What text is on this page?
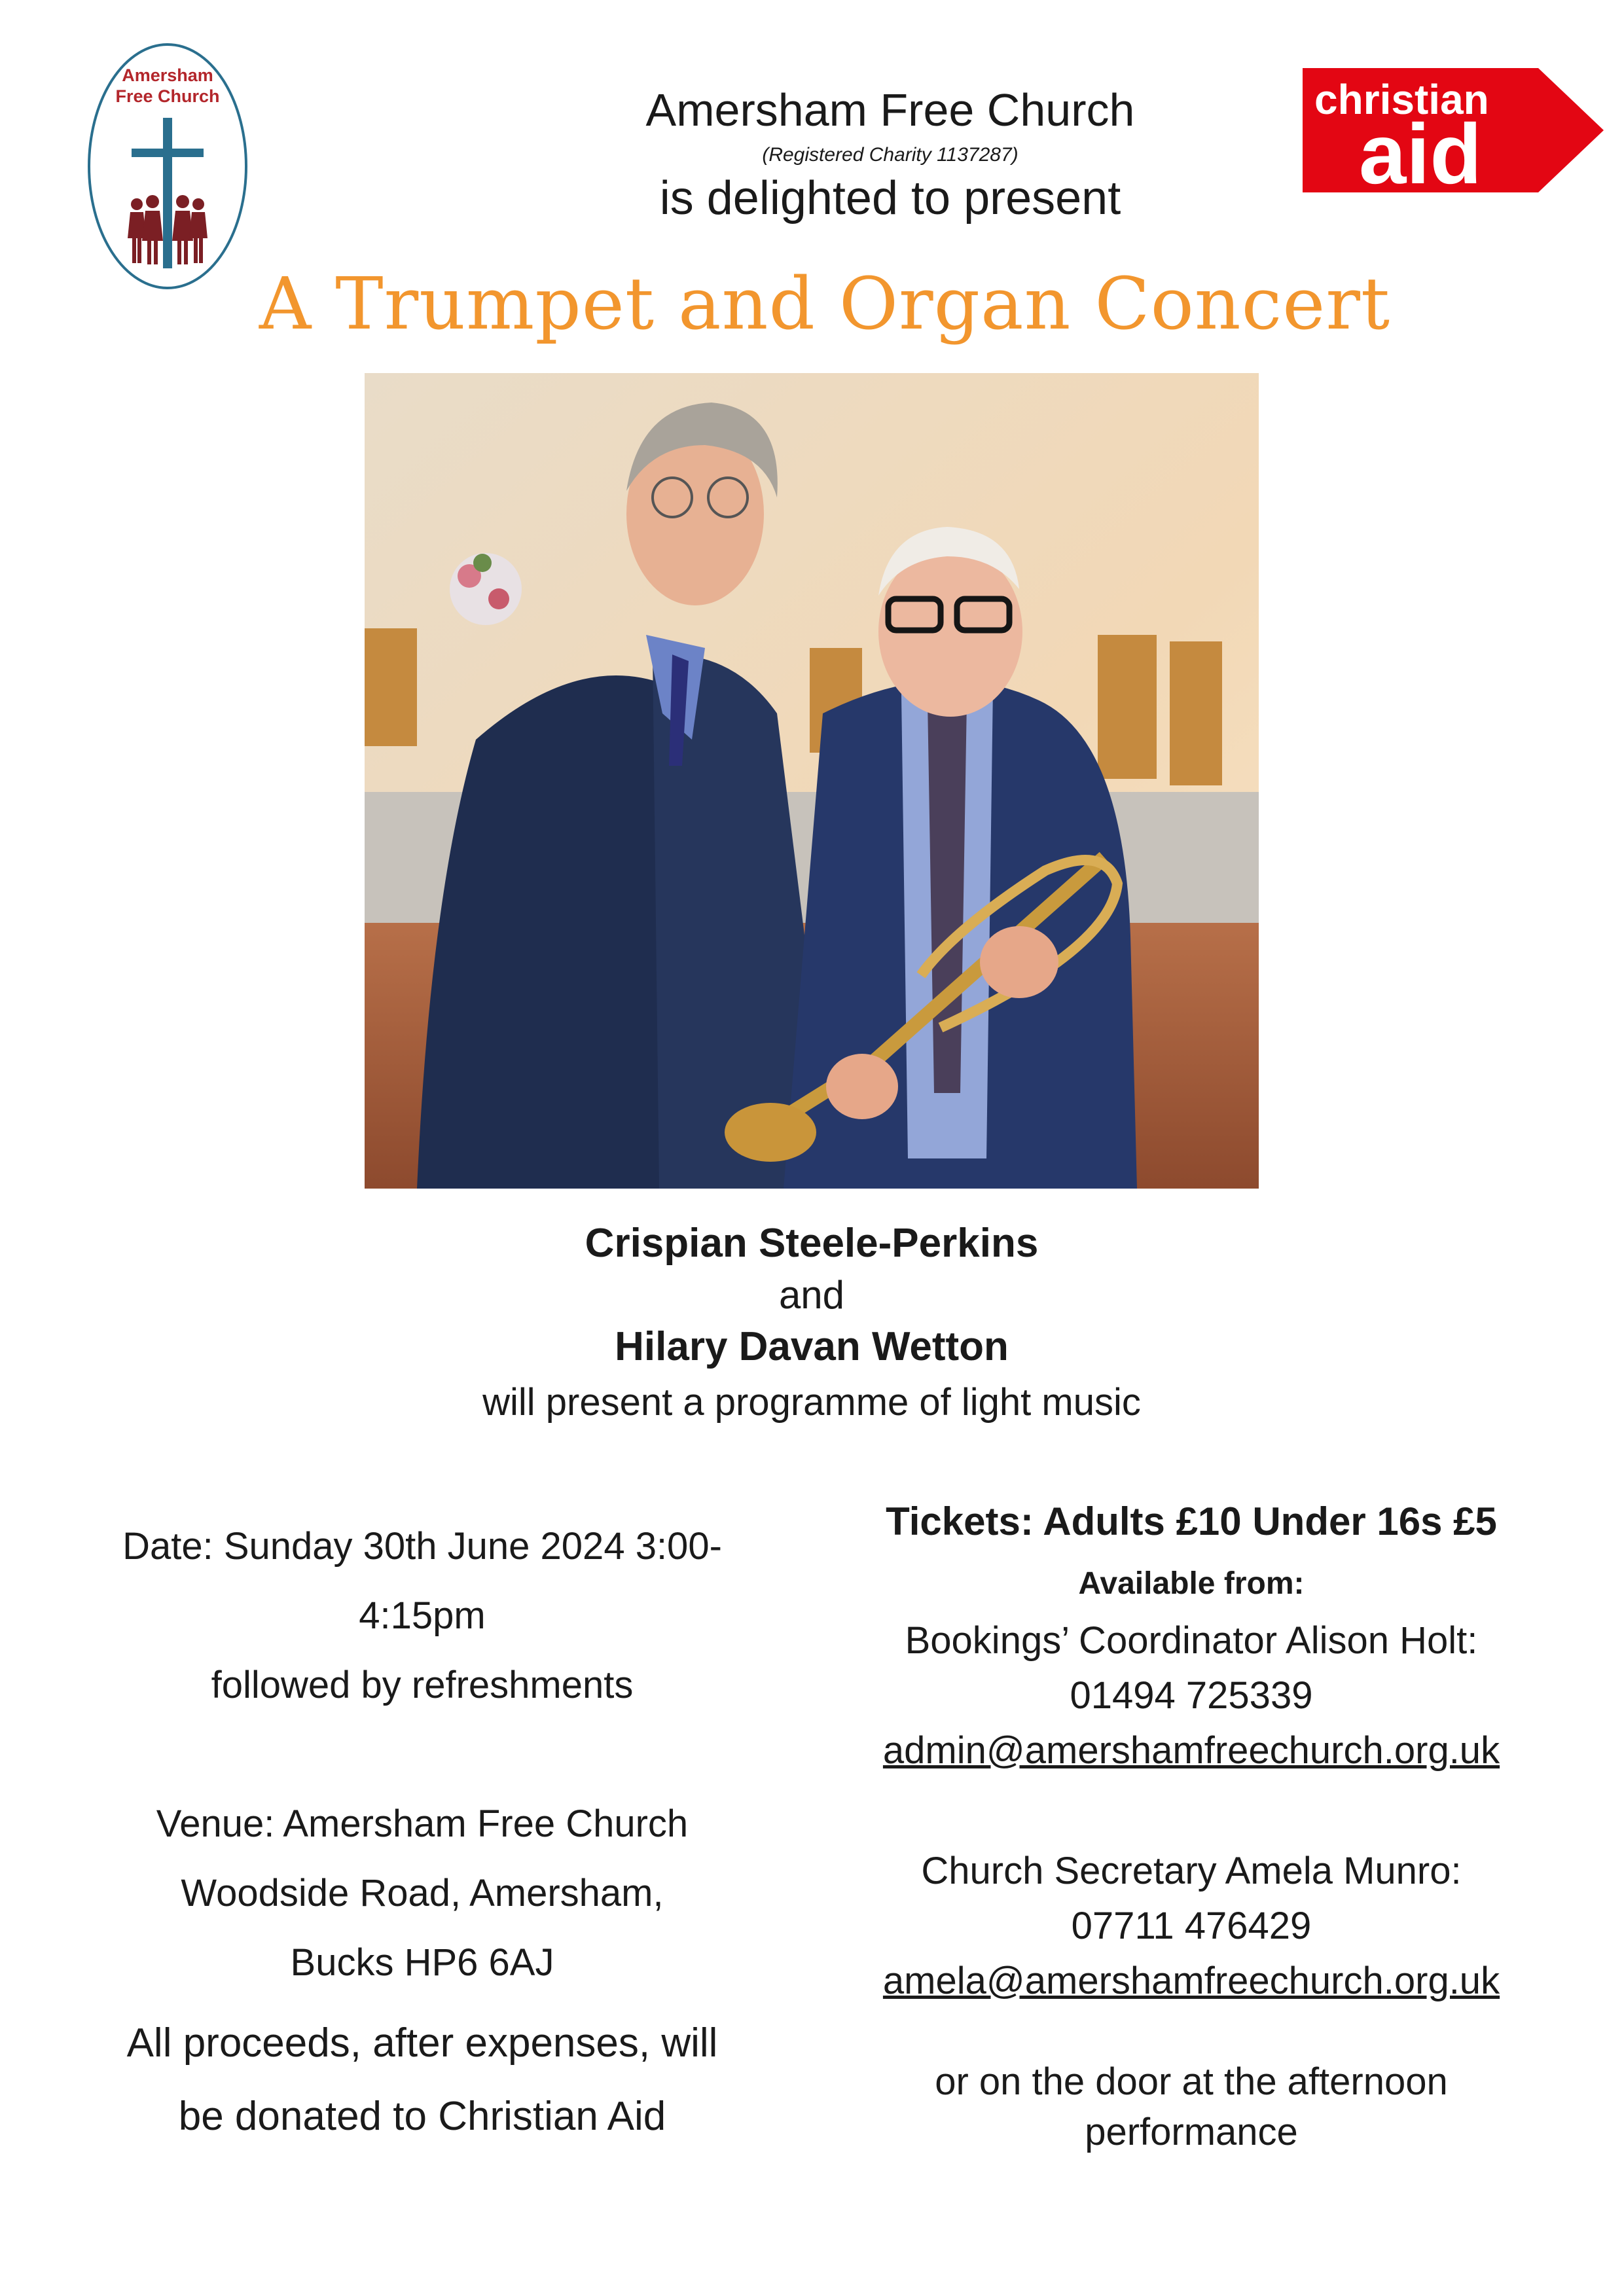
Amersham
Free Church	christian
aid
Amersham Free Church
(Registered Charity 1137287)
is delighted to present
A Trumpet and Organ Concert
Crispian Steele-Perkins
and
Hilary Davan Wetton
will present a programme of light music
Date: Sunday 30th June 2024 3:00-
4:15pm
followed by refreshments
Venue: Amersham Free Church
Woodside Road, Amersham,
Bucks HP6 6AJ
All proceeds, after expenses, will
be donated to Christian Aid
Tickets: Adults £10 Under 16s £5
Available from:
Bookings’ Coordinator Alison Holt:
01494 725339
admin@amershamfreechurch.org.uk
Church Secretary Amela Munro:
07711 476429
amela@amershamfreechurch.org.uk
or on the door at the afternoon
performance
